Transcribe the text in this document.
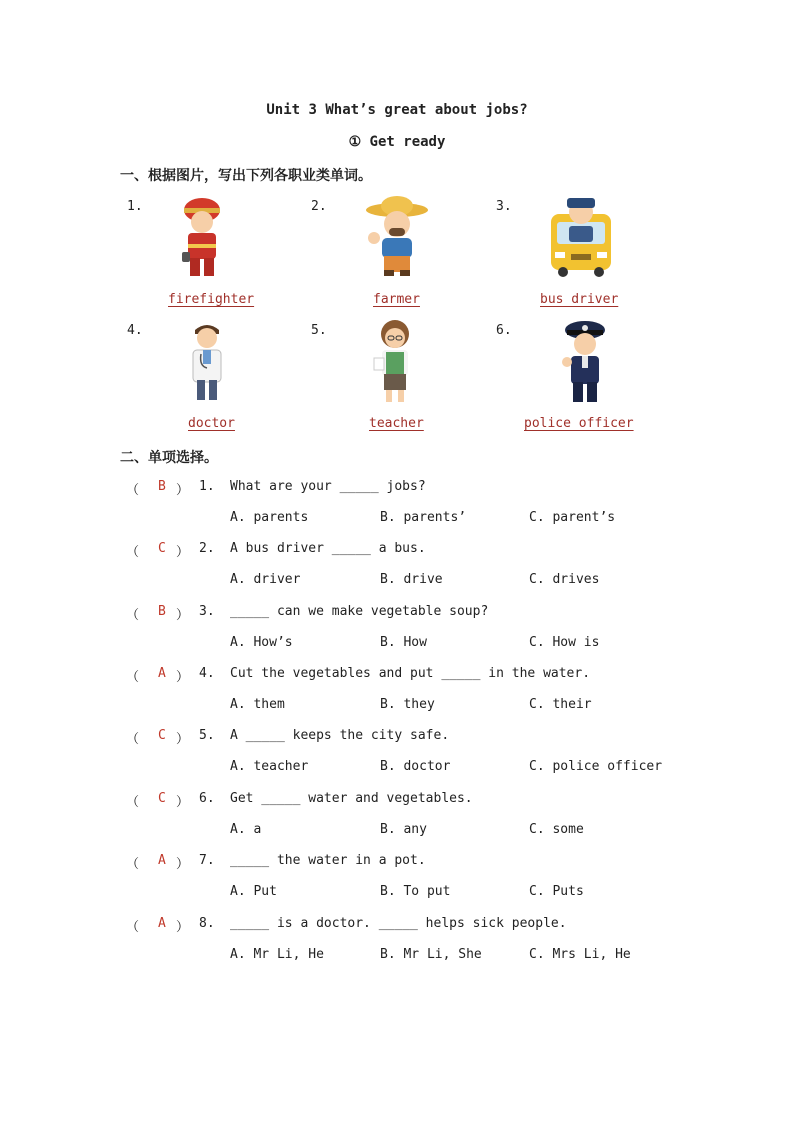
Unit 3 What’s great about jobs?
① Get ready
一、根据图片，写出下列各职业类单词。
1.
firefighter
2.
farmer
3.
bus driver
4.
doctor
5.
teacher
6.
police officer
二、单项选择。
（ B ） 1. What are your _____ jobs?
A. parents	B. parents’	C. parent’s
（ C ） 2. A bus driver _____ a bus.
A. driver	B. drive	C. drives
（ B ） 3. _____ can we make vegetable soup?
A. How’s	B. How	C. How is
（ A ） 4. Cut the vegetables and put _____ in the water.
A. them	B. they	C. their
（ C ） 5. A _____ keeps the city safe.
A. teacher	B. doctor	C. police officer
（ C ） 6. Get _____ water and vegetables.
A. a	B. any	C. some
（ A ） 7. _____ the water in a pot.
A. Put	B. To put	C. Puts
（ A ） 8. _____ is a doctor. _____ helps sick people.
A. Mr Li, He	B. Mr Li, She	C. Mrs Li, He
